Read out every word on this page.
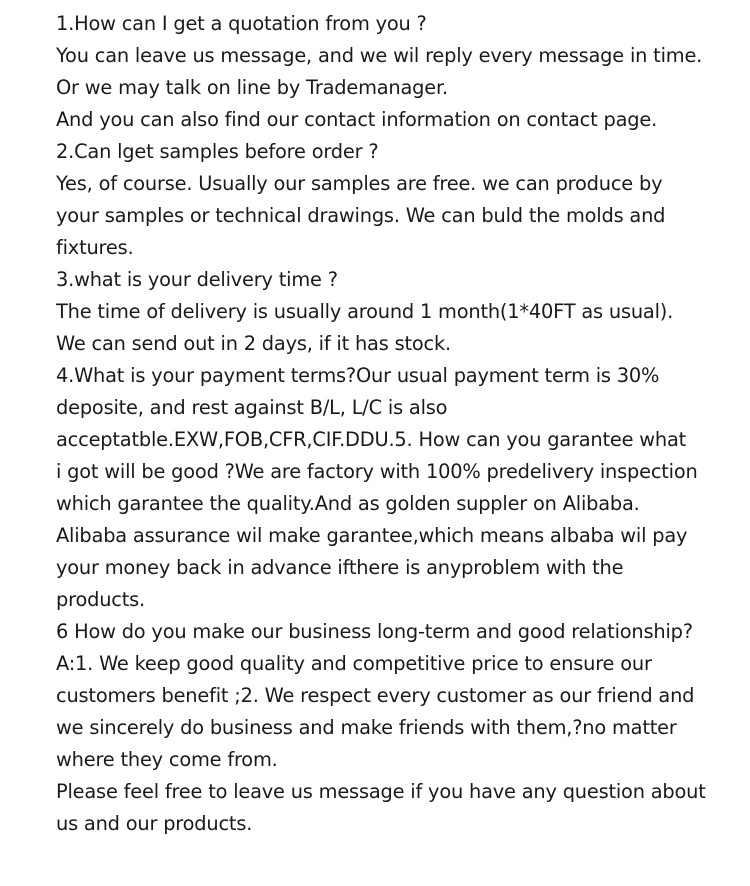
1.How can I get a quotation from you ?
You can leave us message, and we wil reply every message in time.
Or we may talk on line by Trademanager.
And you can also find our contact information on contact page.
2.Can lget samples before order ?
Yes, of course. Usually our samples are free. we can produce by
your samples or technical drawings. We can buld the molds and
fixtures.
3.what is your delivery time ?
The time of delivery is usually around 1 month(1*40FT as usual).
We can send out in 2 days, if it has stock.
4.What is your payment terms?Our usual payment term is 30%
deposite, and rest against B/L, L/C is also
acceptatble.EXW,FOB,CFR,CIF.DDU.5. How can you garantee what
i got will be good ?We are factory with 100% predelivery inspection
which garantee the quality.And as golden suppler on Alibaba.
Alibaba assurance wil make garantee,which means albaba wil pay
your money back in advance ifthere is anyproblem with the
products.
6 How do you make our business long-term and good relationship?
A:1. We keep good quality and competitive price to ensure our
customers benefit ;2. We respect every customer as our friend and
we sincerely do business and make friends with them,?no matter
where they come from.
Please feel free to leave us message if you have any question about
us and our products.
